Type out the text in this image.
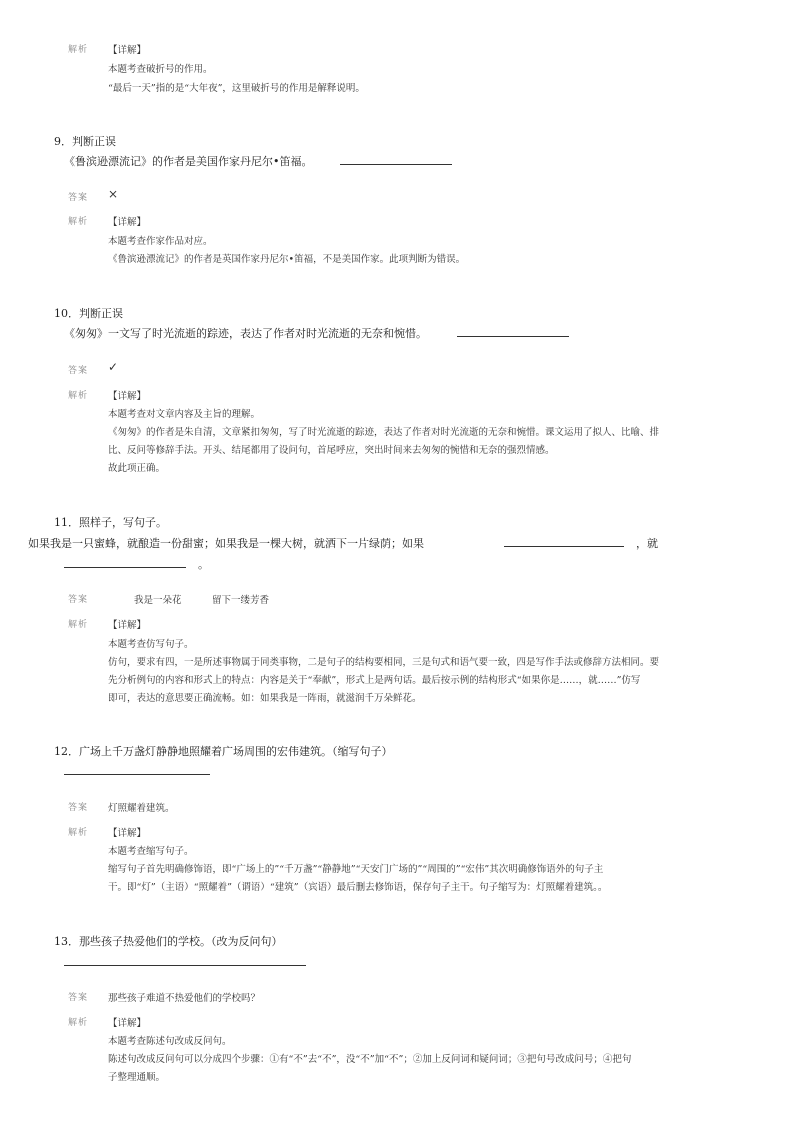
解析 【详解】
本题考查破折号的作用。
“最后一天”指的是“大年夜”，这里破折号的作用是解释说明。
9．判断正误
《鲁滨逊漂流记》的作者是美国作家丹尼尔•笛福。
答案 ×
解析 【详解】
本题考查作家作品对应。
《鲁滨逊漂流记》的作者是英国作家丹尼尔•笛福，不是美国作家。此项判断为错误。
10．判断正误
《匆匆》一文写了时光流逝的踪迹，表达了作者对时光流逝的无奈和惋惜。
答案 ✓
解析 【详解】
本题考查对文章内容及主旨的理解。
《匆匆》的作者是朱自清，文章紧扣匆匆，写了时光流逝的踪迹，表达了作者对时光流逝的无奈和惋惜。课文运用了拟人、比喻、排
比、反问等修辞手法。开头、结尾都用了设问句，首尾呼应，突出时间来去匆匆的惋惜和无奈的强烈情感。
故此项正确。
11．照样子，写句子。
如果我是一只蜜蜂，就酿造一份甜蜜；如果我是一棵大树，就洒下一片绿荫；如果	，就
。
答案	我是一朵花	留下一缕芳香
解析 【详解】
本题考查仿写句子。
仿句，要求有四，一是所述事物属于同类事物，二是句子的结构要相同，三是句式和语气要一致，四是写作手法或修辞方法相同。要
先分析例句的内容和形式上的特点：内容是关于“奉献”，形式上是两句话。最后按示例的结构形式“如果你是……，就……”仿写
即可，表达的意思要正确流畅。如：如果我是一阵雨，就滋润千万朵鲜花。
12．广场上千万盏灯静静地照耀着广场周围的宏伟建筑。（缩写句子）
答案 灯照耀着建筑。
解析 【详解】
本题考查缩写句子。
缩写句子首先明确修饰语，即“广场上的”“千万盏”“静静地”“天安门广场的”“周围的”“宏伟”其次明确修饰语外的句子主
干。即“灯”（主语）“照耀着”（谓语）“建筑”（宾语）最后删去修饰语，保存句子主干。句子缩写为：灯照耀着建筑。。
13．那些孩子热爱他们的学校。（改为反问句）
答案 那些孩子难道不热爱他们的学校吗？
解析 【详解】
本题考查陈述句改成反问句。
陈述句改成反问句可以分成四个步骤：①有“不”去“不”，没“不”加“不”；②加上反问词和疑问词；③把句号改成问号；④把句
子整理通顺。
